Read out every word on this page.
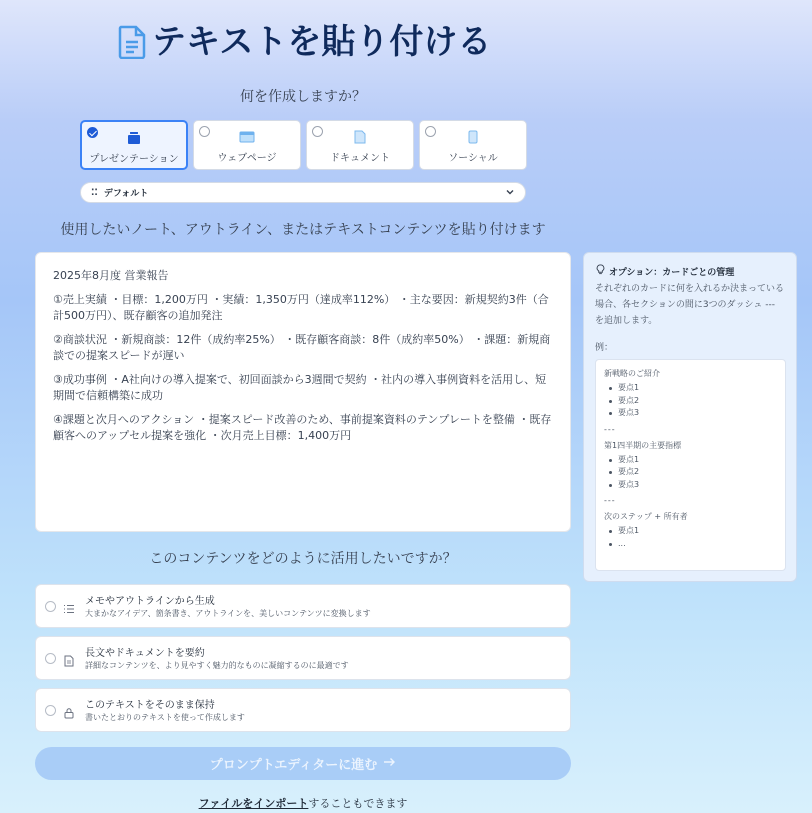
テキストを貼り付ける
何を作成しますか？
プレゼンテーション	ウェブページ	ドキュメント	ソーシャル
⁚⁚ デフォルト
使用したいノート、アウトライン、またはテキストコンテンツを貼り付けます

2025年8月度 営業報告

①売上実績 ・目標：1,200万円 ・実績：1,350万円（達成率112%） ・主な要因：新規契約3件（合計500万円）、既存顧客の追加発注

②商談状況 ・新規商談：12件（成約率25%） ・既存顧客商談：8件（成約率50%） ・課題：新規商談での提案スピードが遅い

③成功事例 ・A社向けの導入提案で、初回面談から3週間で契約 ・社内の導入事例資料を活用し、短期間で信頼構築に成功

④課題と次月へのアクション ・提案スピード改善のため、事前提案資料のテンプレートを整備 ・既存顧客へのアップセル提案を強化 ・次月売上目標：1,400万円

オプション：カードごとの管理
それぞれのカードに何を入れるか決まっている場合、各セクションの間に3つのダッシュ --- を追加します。
例：
新戦略のご紹介
要点1
要点2
要点3
---
第1四半期の主要指標
要点1
要点2
要点3
---
次のステップ + 所有者
要点1
...
このコンテンツをどのように活用したいですか？
メモやアウトラインから生成
大まかなアイデア、箇条書き、アウトラインを、美しいコンテンツに変換します
長文やドキュメントを要約
詳細なコンテンツを、より見やすく魅力的なものに凝縮するのに最適です
このテキストをそのまま保持
書いたとおりのテキストを使って作成します
プロンプトエディターに進む
ファイルをインポートすることもできます
